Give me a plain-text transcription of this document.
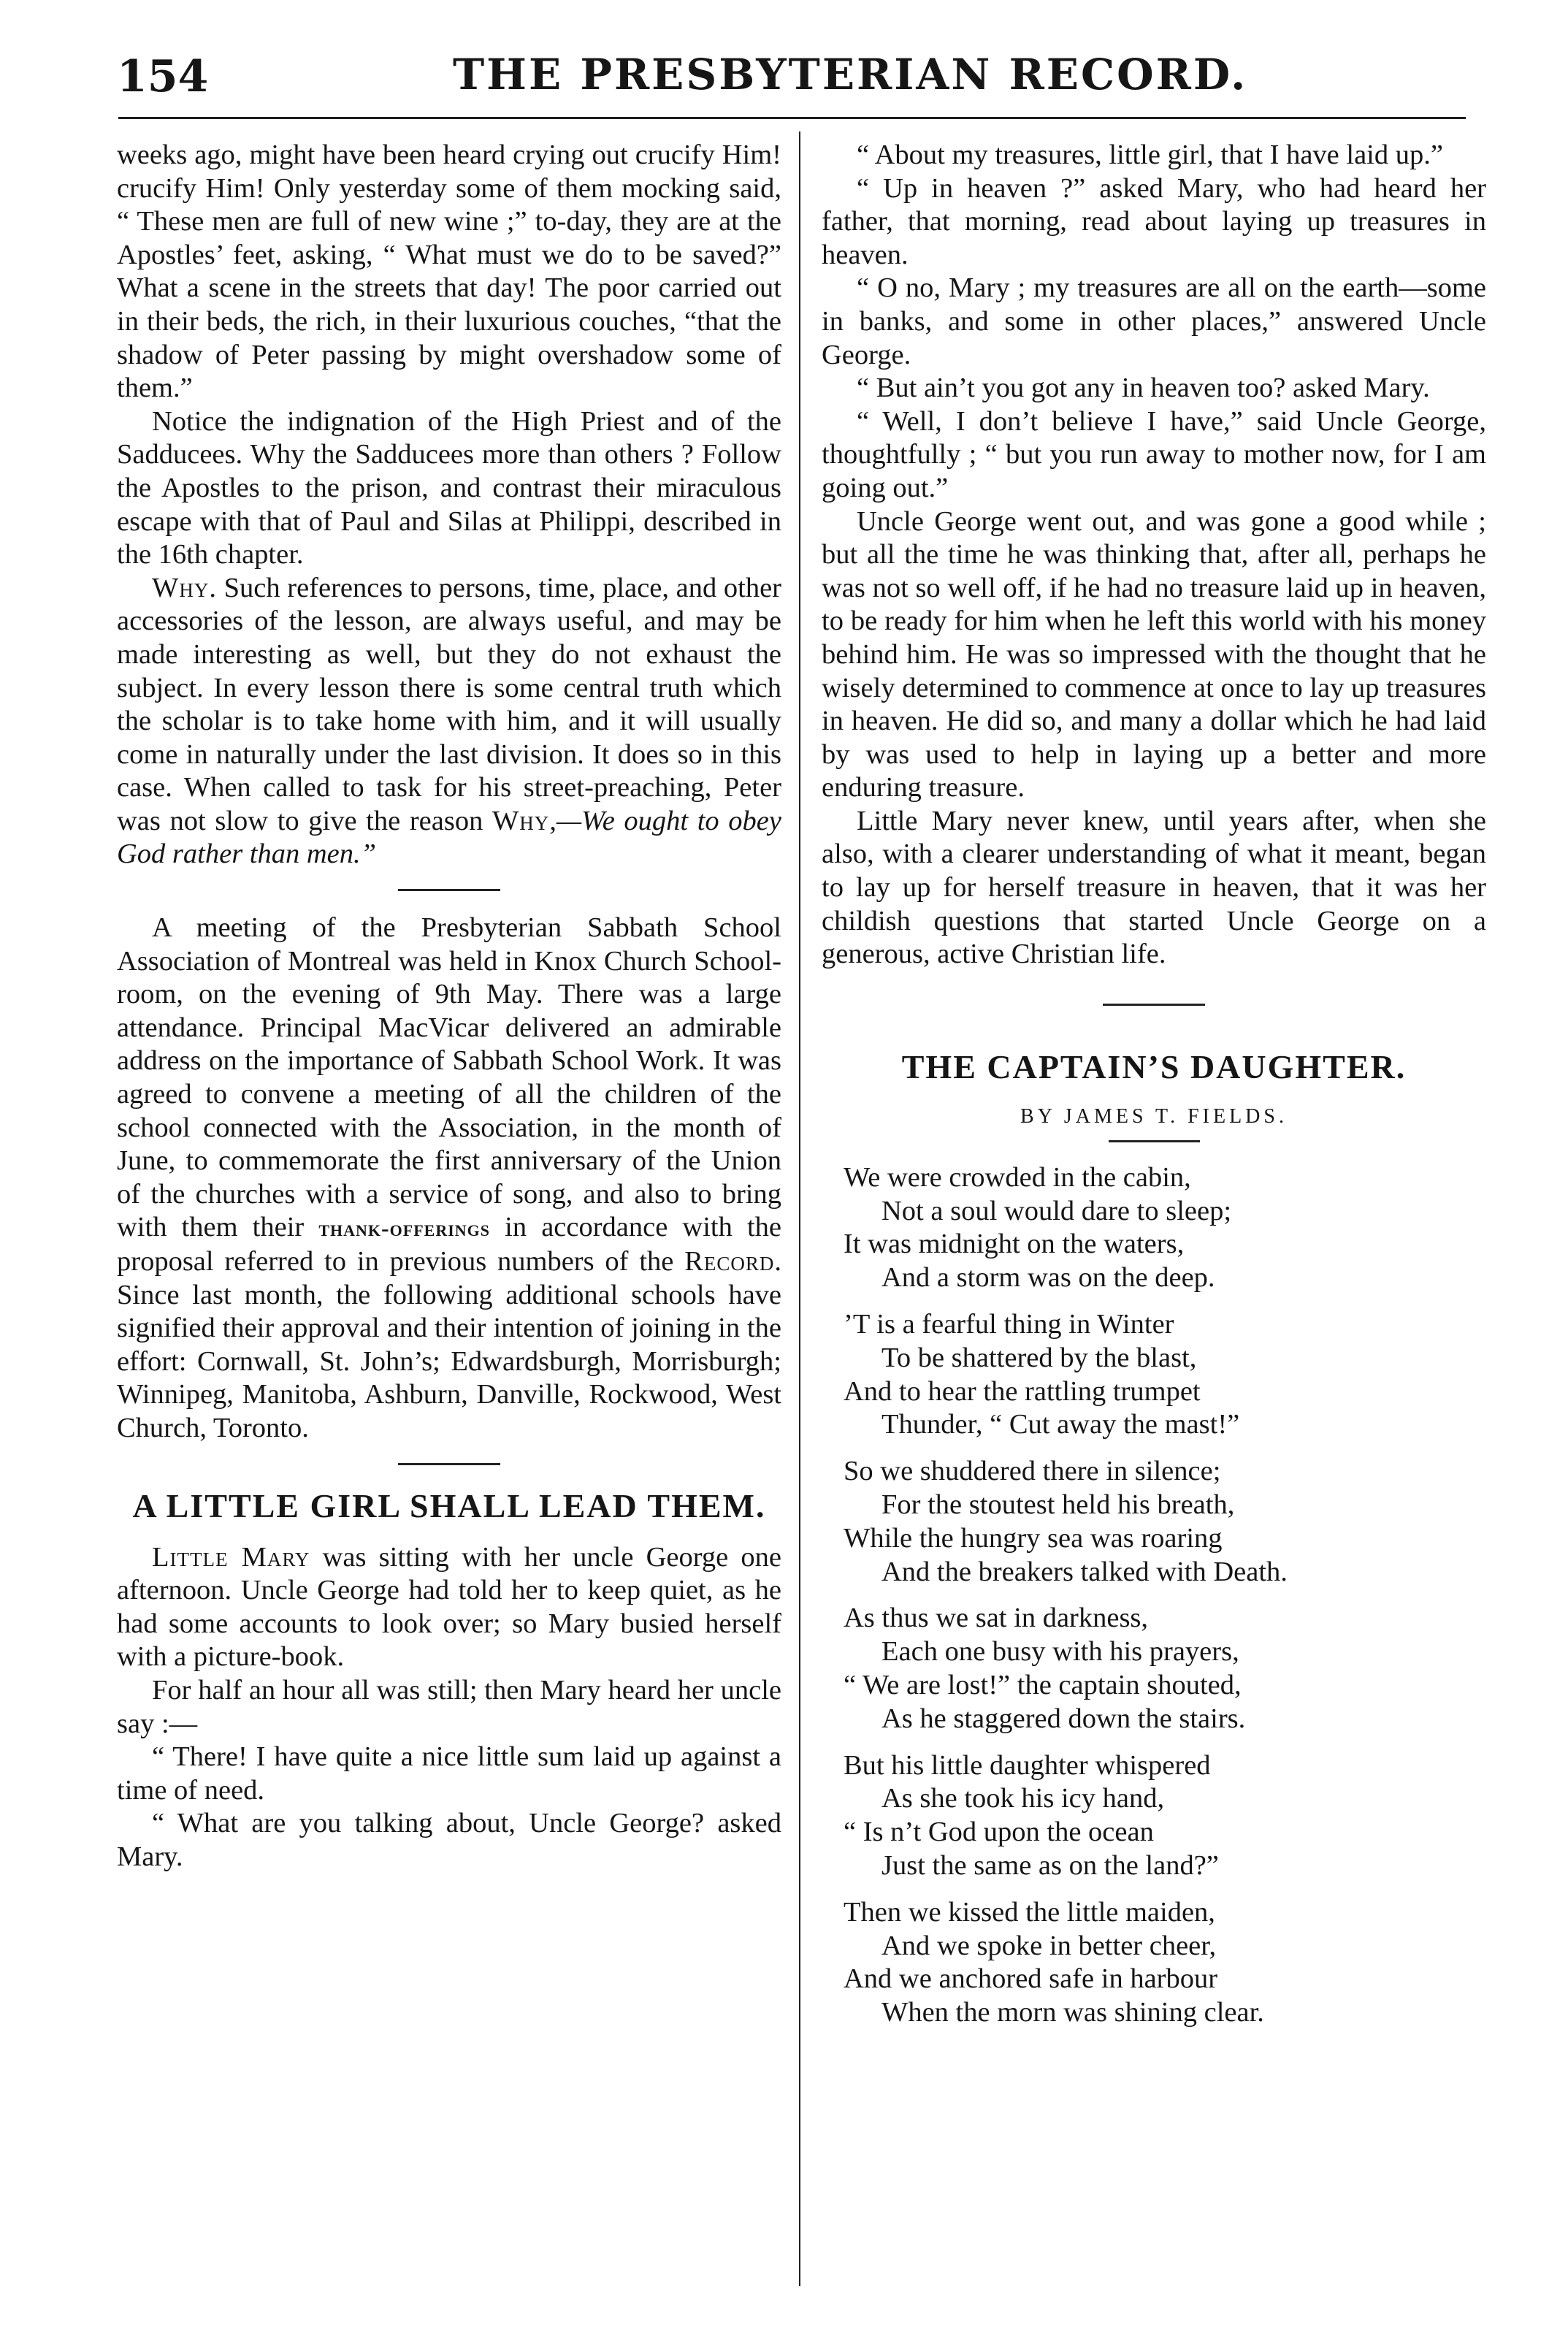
154	THE PRESBYTERIAN RECORD.

weeks ago, might have been heard crying out crucify Him! crucify Him! Only yesterday some of them mocking said, “ These men are full of new wine ;” to-day, they are at the Apostles’ feet, asking, “ What must we do to be saved?” What a scene in the streets that day! The poor carried out in their beds, the rich, in their luxurious couches, “that the shadow of Peter passing by might overshadow some of them.”

Notice the indignation of the High Priest and of the Sadducees. Why the Sadducees more than others ? Follow the Apostles to the prison, and contrast their miraculous escape with that of Paul and Silas at Philippi, described in the 16th chapter.

Why. Such references to persons, time, place, and other accessories of the lesson, are always useful, and may be made interesting as well, but they do not exhaust the subject. In every lesson there is some central truth which the scholar is to take home with him, and it will usually come in naturally under the last division. It does so in this case. When called to task for his street-preaching, Peter was not slow to give the reason Why,—We ought to obey God rather than men.”

A meeting of the Presbyterian Sabbath School Association of Montreal was held in Knox Church School-room, on the evening of 9th May. There was a large attendance. Principal MacVicar delivered an admirable address on the importance of Sabbath School Work. It was agreed to convene a meeting of all the children of the school connected with the Association, in the month of June, to commemorate the first anniversary of the Union of the churches with a service of song, and also to bring with them their thank-offerings in accordance with the proposal referred to in previous numbers of the Record. Since last month, the following additional schools have signified their approval and their intention of joining in the effort: Cornwall, St. John’s; Edwardsburgh, Morrisburgh; Winnipeg, Manitoba, Ashburn, Danville, Rockwood, West Church, Toronto.

A LITTLE GIRL SHALL LEAD THEM.

Little Mary was sitting with her uncle George one afternoon. Uncle George had told her to keep quiet, as he had some accounts to look over; so Mary busied herself with a picture-book.

For half an hour all was still; then Mary heard her uncle say :—

“ There! I have quite a nice little sum laid up against a time of need.

“ What are you talking about, Uncle George? asked Mary.

“ About my treasures, little girl, that I have laid up.”

“ Up in heaven ?” asked Mary, who had heard her father, that morning, read about laying up treasures in heaven.

“ O no, Mary ; my treasures are all on the earth—some in banks, and some in other places,” answered Uncle George.

“ But ain’t you got any in heaven too? asked Mary.

“ Well, I don’t believe I have,” said Uncle George, thoughtfully ; “ but you run away to mother now, for I am going out.”

Uncle George went out, and was gone a good while ; but all the time he was thinking that, after all, perhaps he was not so well off, if he had no treasure laid up in heaven, to be ready for him when he left this world with his money behind him. He was so impressed with the thought that he wisely determined to commence at once to lay up treasures in heaven. He did so, and many a dollar which he had laid by was used to help in laying up a better and more enduring treasure.

Little Mary never knew, until years after, when she also, with a clearer understanding of what it meant, began to lay up for herself treasure in heaven, that it was her childish questions that started Uncle George on a generous, active Christian life.

THE CAPTAIN’S DAUGHTER.

BY JAMES T. FIELDS.

We were crowded in the cabin,
Not a soul would dare to sleep;
It was midnight on the waters,
And a storm was on the deep.
’T is a fearful thing in Winter
To be shattered by the blast,
And to hear the rattling trumpet
Thunder, “ Cut away the mast!”
So we shuddered there in silence;
For the stoutest held his breath,
While the hungry sea was roaring
And the breakers talked with Death.
As thus we sat in darkness,
Each one busy with his prayers,
“ We are lost!” the captain shouted,
As he staggered down the stairs.
But his little daughter whispered
As she took his icy hand,
“ Is n’t God upon the ocean
Just the same as on the land?”
Then we kissed the little maiden,
And we spoke in better cheer,
And we anchored safe in harbour
When the morn was shining clear.
